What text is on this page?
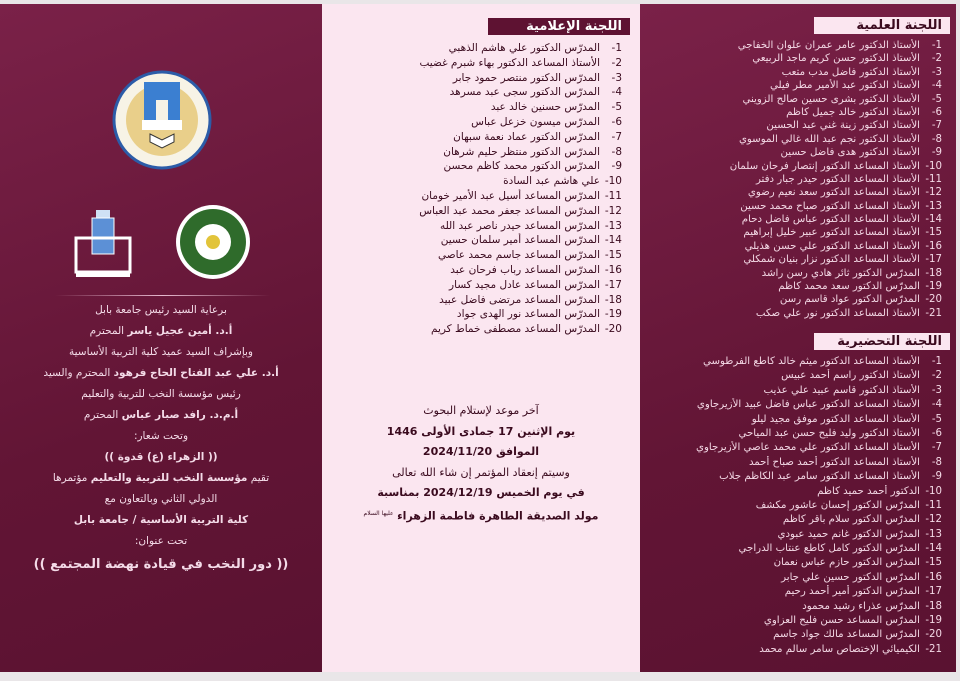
برعاية السيد رئيس جامعة بابل
أ.د. أمين عجيل ياسر المحترم
وبإشراف السيد عميد كلية التربية الأساسية
أ.د. علي عبد الفتاح الحاج فرهود المحترم والسيد
رئيس مؤسسة النخب للتربية والتعليم
أ.م.د. رافد صبار عباس المحترم
وتحت شعار:
(( الزهراء (ع) قدوة ))
تقيم مؤسسة النخب للتربية والتعليم مؤتمرها
الدولي الثاني وبالتعاون مع
كلية التربية الأساسية / جامعة بابل
تحت عنوان:
(( دور النخب في قيادة نهضة المجتمع ))
اللجنة الإعلامية
1-
المدرّس الدكتور علي هاشم الذهبي
2-
الأستاذ المساعد الدكتور بهاء شبرم غضيب
3-
المدرّس الدكتور منتصر حمود جابر
4-
المدرّس الدكتور سجى عبد مسرهد
5-
المدرّس حسنين خالد عبد
6-
المدرّس ميسون خزعل عباس
7-
المدرّس الدكتور عماد نعمة سبهان
8-
المدرّس الدكتور منتظر حليم شرهان
9-
المدرّس الدكتور محمد كاظم محسن
10-
علي هاشم عبد السادة
11-
المدرّس المساعد أسيل عبد الأمير خومان
12-
المدرّس المساعد جعفر محمد عبد العباس
13-
المدرّس المساعد حيدر ناصر عبد الله
14-
المدرّس المساعد أمير سلمان حسين
15-
المدرّس المساعد جاسم محمد عاصي
16-
المدرّس المساعد رباب فرحان عبد
17-
المدرّس المساعد عادل مجيد كسار
18-
المدرّس المساعد مرتضى فاضل عبيد
19-
المدرّس المساعد نور الهدى جواد
20-
المدرّس المساعد مصطفى خماط كريم
آخر موعد لإستلام البحوث
يوم الإثنين 17 جمادى الأولى 1446
الموافق 2024/11/20
وسيتم إنعقاد المؤتمر إن شاء الله تعالى
في يوم الخميس 2024/12/19 بمناسبة
مولد الصديقة الطاهرة فاطمة الزهراء $^{عليها السلام}$
اللجنة العلمية
1-
الأستاذ الدكتور عامر عمران علوان الخفاجي
2-
الأستاذ الدكتور حسن كريم ماجد الربيعي
3-
الأستاذ الدكتور فاضل مدب متعب
4-
الأستاذ الدكتور عبد الأمير مطر فيلي
5-
الأستاذ الدكتور بشرى حسين صالح الزويني
6-
الأستاذ الدكتور خالد جميل كاظم
7-
الأستاذ الدكتور زينة غني عبد الحسين
8-
الأستاذ الدكتور نجم عبد الله غالي الموسوي
9-
الأستاذ الدكتور هدى فاضل حسين
10-
الأستاذ المساعد الدكتور إنتصار فرحان سلمان
11-
الأستاذ المساعد الدكتور حيدر جبار دفتر
12-
الأستاذ المساعد الدكتور سعد نعيم رضوي
13-
الأستاذ المساعد الدكتور صباح محمد حسين
14-
الأستاذ المساعد الدكتور عباس فاضل دحام
15-
الأستاذ المساعد الدكتور عبير خليل إبراهيم
16-
الأستاذ المساعد الدكتور علي حسن هذيلي
17-
الأستاذ المساعد الدكتور نزار بنيان شمكلي
18-
المدرّس الدكتور ثائر هادي رسن راشد
19-
المدرّس الدكتور سعد محمد كاظم
20-
المدرّس الدكتور عواد قاسم رسن
21-
الأستاذ المساعد الدكتور نور علي صكب
اللجنة التحضيرية
1-
الأستاذ المساعد الدكتور ميثم خالد كاطع الفرطوسي
2-
الأستاذ الدكتور راسم أحمد عبيس
3-
الأستاذ الدكتور قاسم عبيد علي عذيب
4-
الأستاذ المساعد الدكتور عباس فاضل عبيد الأزيرجاوي
5-
الأستاذ المساعد الدكتور موفق مجيد ليلو
6-
الأستاذ الدكتور وليد فليح حسن عبد المياحي
7-
الأستاذ المساعد الدكتور علي محمد عاصي الأزيرجاوي
8-
الأستاذ المساعد الدكتور أحمد صباح أحمد
9-
الأستاذ المساعد الدكتور سامر عبد الكاظم جلاب
10-
الدكتور أحمد حميد كاظم
11-
المدرّس الدكتور إحسان عاشور مكشف
12-
المدرّس الدكتور سلام باقر كاظم
13-
المدرّس الدكتور غانم حميد عبودي
14-
المدرّس الدكتور كامل كاطع عنتاب الدراجي
15-
المدرّس الدكتور حازم عباس نعمان
16-
المدرّس الدكتور حسين علي جابر
17-
المدرّس الدكتور أمير أحمد رحيم
18-
المدرّس عذراء رشيد محمود
19-
المدرّس المساعد حسن فليح العزاوي
20-
المدرّس المساعد مالك جواد جاسم
21-
الكيميائي الإختصاص سامر سالم محمد
